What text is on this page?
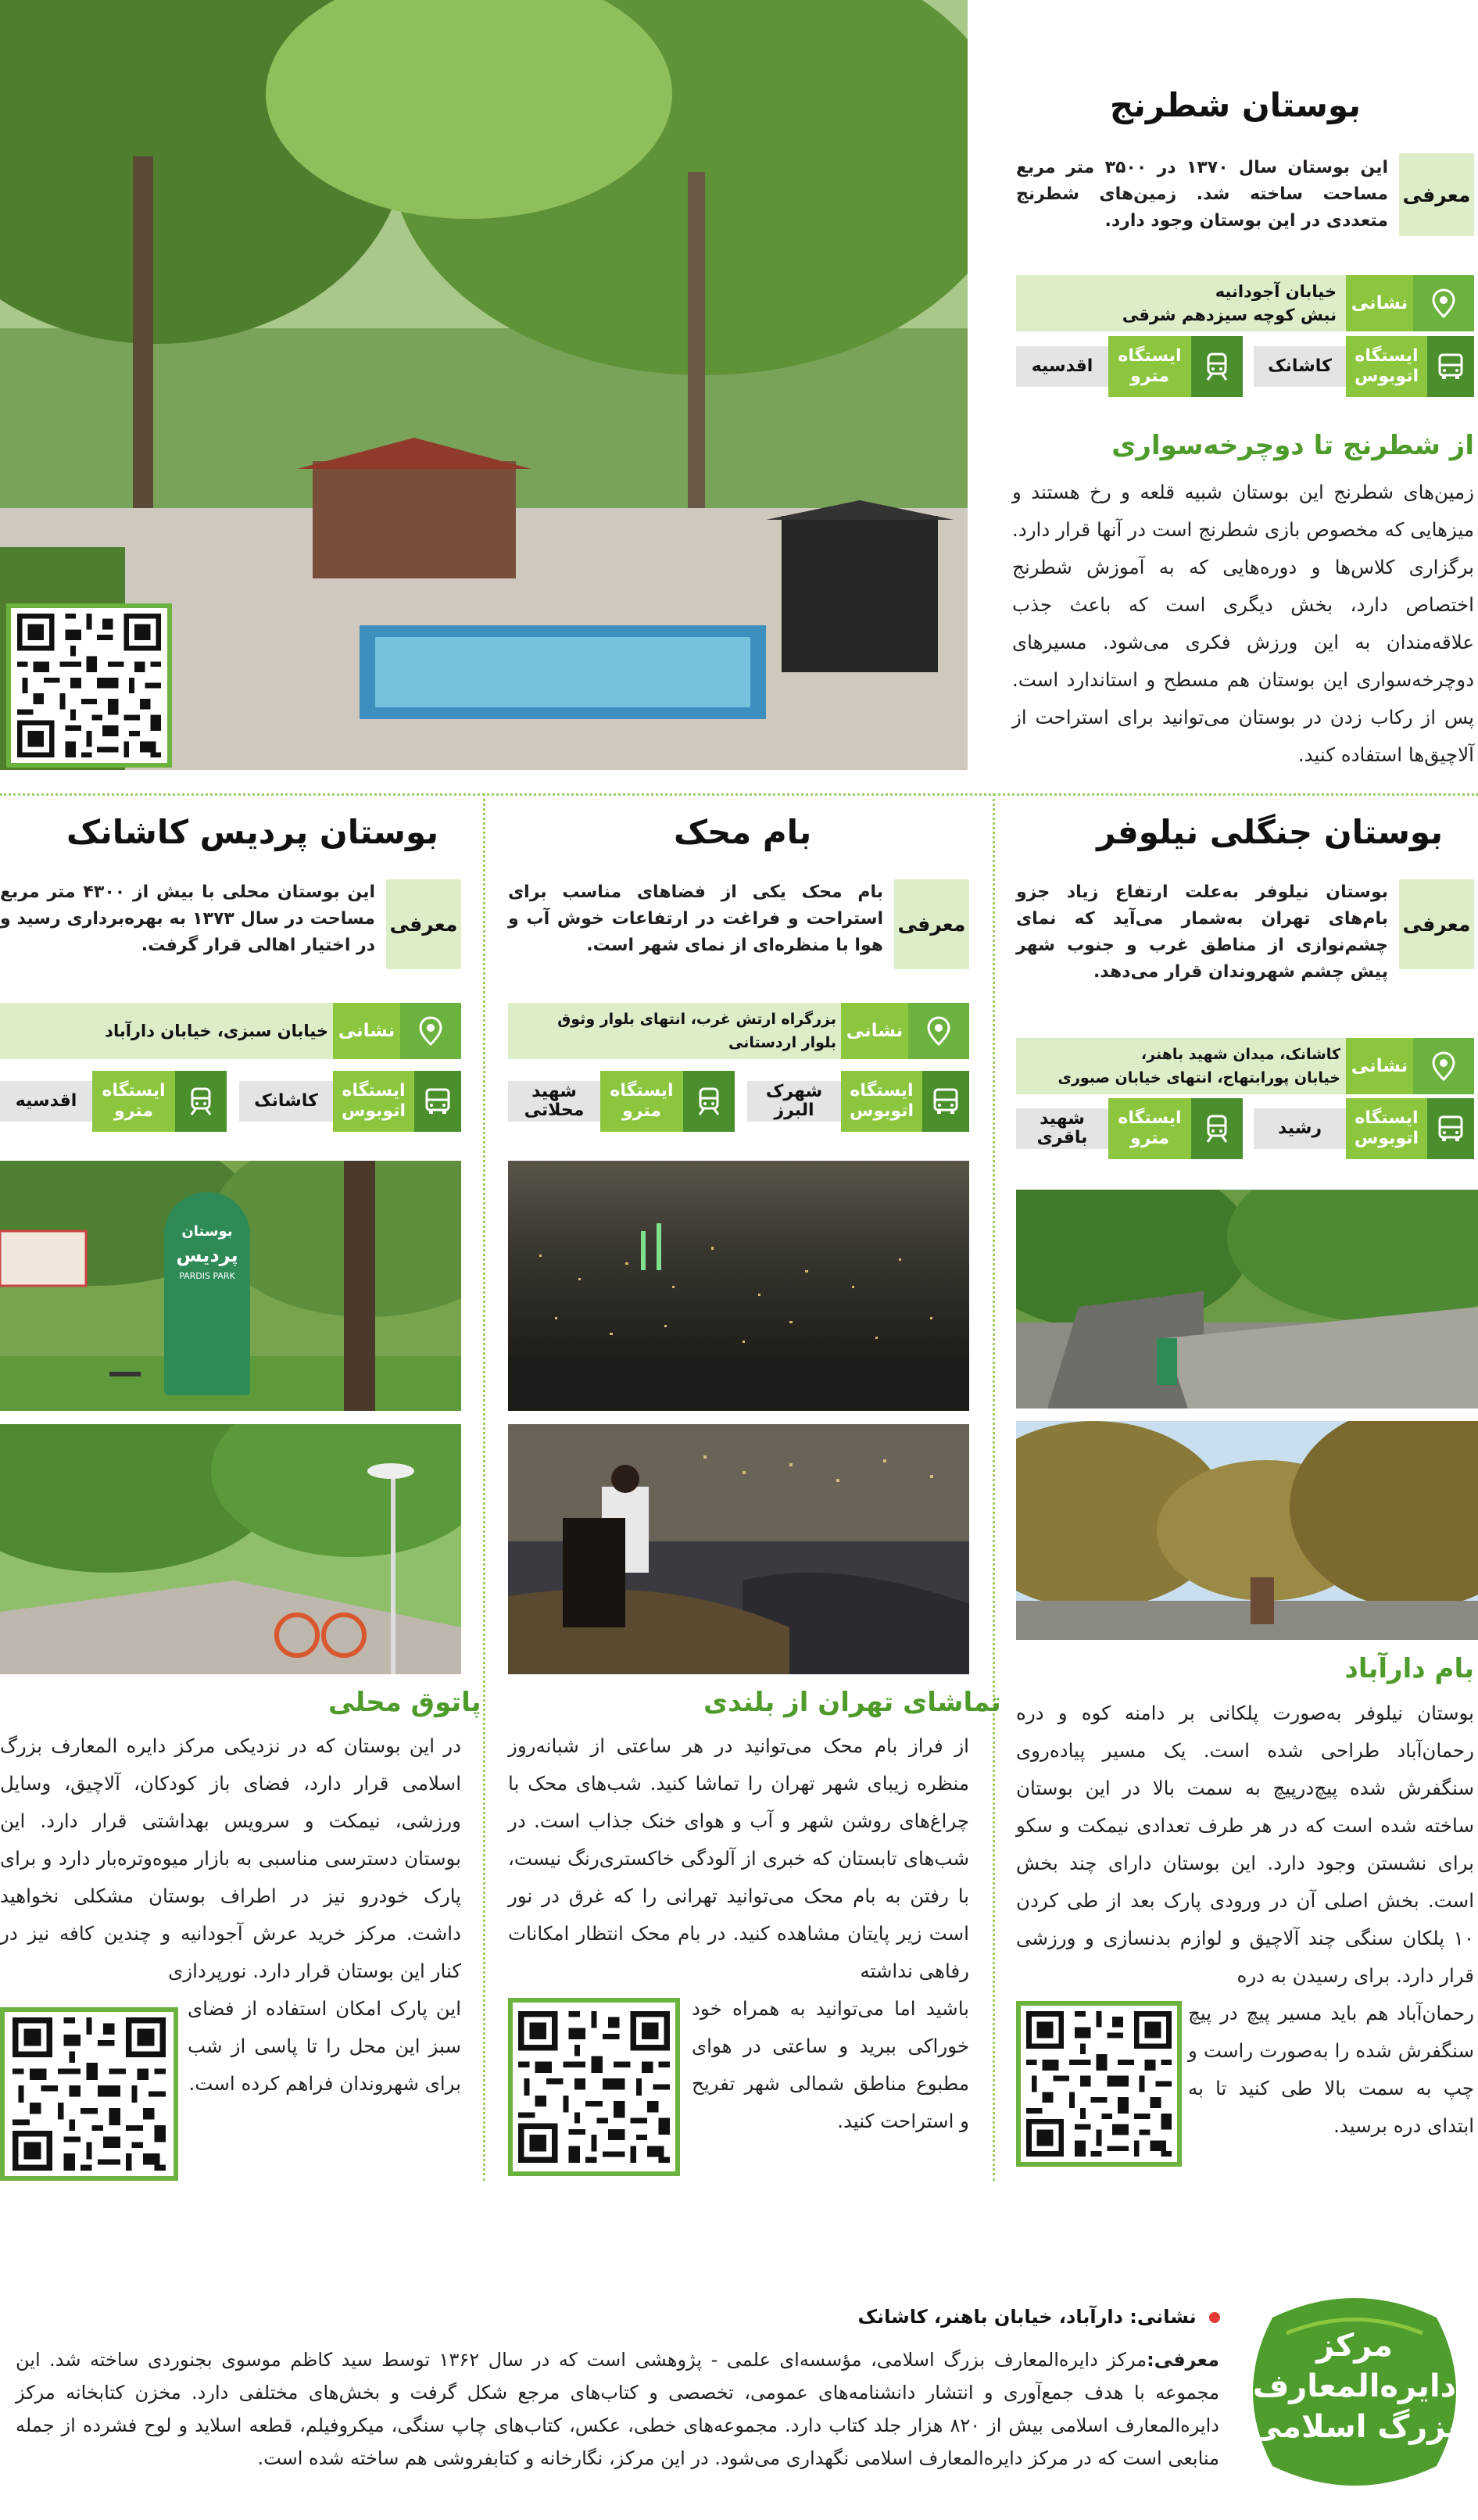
بوستان شطرنج
معرفی
این بوستان سال ۱۳۷۰ در ۳۵۰۰ متر مربع مساحت ساخته شد. زمین‌های شطرنج متعددی در این بوستان وجود دارد.
نشانی
خیابان آجودانیه
نبش کوچه سیزدهم شرقی
ایستگاه
اتوبوس
کاشانک
ایستگاه
مترو
اقدسیه
از شطرنج تا دوچرخه‌سواری
زمین‌های شطرنج این بوستان شبیه قلعه و رخ هستند و میزهایی که مخصوص بازی شطرنج است در آنها قرار دارد. برگزاری کلاس‌ها و دوره‌هایی که به آموزش شطرنج اختصاص دارد، بخش دیگری است که باعث جذب علاقه‌مندان به این ورزش فکری می‌شود. مسیرهای دوچرخه‌سواری این بوستان هم مسطح و استاندارد است. پس از رکاب زدن در بوستان می‌توانید برای استراحت از آلاچیق‌ها استفاده کنید.
بوستان جنگلی نیلوفر
معرفی
بوستان نیلوفر به‌علت ارتفاع زیاد جزو بام‌های تهران به‌شمار می‌آید که نمای چشم‌نوازی از مناطق غرب و جنوب شهر پیش چشم شهروندان قرار می‌دهد.
نشانی
کاشانک، میدان شهید باهنر،
خیابان پورابتهاج، انتهای خیابان صبوری
ایستگاه
اتوبوس
رشید
ایستگاه
مترو
شهید
باقری
بام دارآباد
بوستان نیلوفر به‌صورت پلکانی بر دامنه کوه و دره رحمان‌آباد طراحی شده است. یک مسیر پیاده‌روی سنگفرش شده پیچ‌در‌پیچ به سمت بالا در این بوستان ساخته شده است که در هر طرف تعدادی نیمکت و سکو برای نشستن وجود دارد. این بوستان دارای چند بخش است. بخش اصلی آن در ورودی پارک بعد از طی کردن ۱۰ پلکان سنگی چند آلاچیق و لوازم بدنسازی و ورزشی قرار دارد. برای رسیدن به دره
رحمان‌آباد هم باید مسیر پیچ در پیچ سنگفرش شده را به‌صورت راست و چپ به سمت بالا طی کنید تا به ابتدای دره برسید.
بام محک
معرفی
بام محک یکی از فضاهای مناسب برای استراحت و فراغت در ارتفاعات خوش آب و هوا با منظره‌ای از نمای شهر است.
نشانی
بزرگراه ارتش غرب، انتهای بلوار وثوق
بلوار اردستانی
ایستگاه
اتوبوس
شهرک
البرز
ایستگاه
مترو
شهید
محلاتی
تماشای تهران از بلندی
از فراز بام محک می‌توانید در هر ساعتی از شبانه‌روز منظره زیبای شهر تهران را تماشا کنید. شب‌های محک با چراغ‌های روشن شهر و آب و هوای خنک جذاب است. در شب‌های تابستان که خبری از آلودگی خاکستری‌رنگ نیست، با رفتن به بام محک می‌توانید تهرانی را که غرق در نور است زیر پایتان مشاهده کنید. در بام محک انتظار امکانات رفاهی نداشته
باشید اما می‌توانید به همراه خود خوراکی ببرید و ساعتی در هوای مطبوع مناطق شمالی شهر تفریح و استراحت کنید.
بوستان پردیس کاشانک
معرفی
این بوستان محلی با بیش از ۴۳۰۰ متر مربع مساحت در سال ۱۳۷۳ به بهره‌برداری رسید و در اختیار اهالی قرار گرفت.
نشانی
خیابان سبزی، خیابان دارآباد
ایستگاه
اتوبوس
کاشانک
ایستگاه
مترو
اقدسیه
بوستان
پردیس
PARDIS PARK
پاتوق محلی
در این بوستان که در نزدیکی مرکز دایره المعارف بزرگ اسلامی قرار دارد، فضای باز کودکان، آلاچیق، وسایل ورزشی، نیمکت و سرویس بهداشتی قرار دارد. این بوستان دسترسی مناسبی به بازار میوه‌وتره‌بار دارد و برای پارک خودرو نیز در اطراف بوستان مشکلی نخواهید داشت. مرکز خرید عرش آجودانیه و چندین کافه نیز در کنار این بوستان قرار دارد. نورپردازی
این پارک امکان استفاده از فضای سبز این محل را تا پاسی از شب برای شهروندان فراهم کرده است.
مرکز
دایره‌المعارف
بزرگ اسلامی
نشانی: دارآباد، خیابان باهنر، کاشانک
معرفی:مرکز دایره‌المعارف بزرگ اسلامی، مؤسسه‌ای علمی - پژوهشی است که در سال ۱۳۶۲ توسط سید کاظم موسوی بجنوردی ساخته شد. این مجموعه با هدف جمع‌آوری و انتشار دانشنامه‌های عمومی، تخصصی و کتاب‌های مرجع شکل گرفت و بخش‌های مختلفی دارد. مخزن کتابخانه مرکز دایره‌المعارف اسلامی بیش از ۸۲۰ هزار جلد کتاب دارد. مجموعه‌های خطی، عکس، کتاب‌های چاپ سنگی، میکروفیلم، قطعه اسلاید و لوح فشرده از جمله منابعی است که در مرکز دایره‌المعارف اسلامی نگهداری می‌شود. در این مرکز، نگارخانه و کتابفروشی هم ساخته شده است.
